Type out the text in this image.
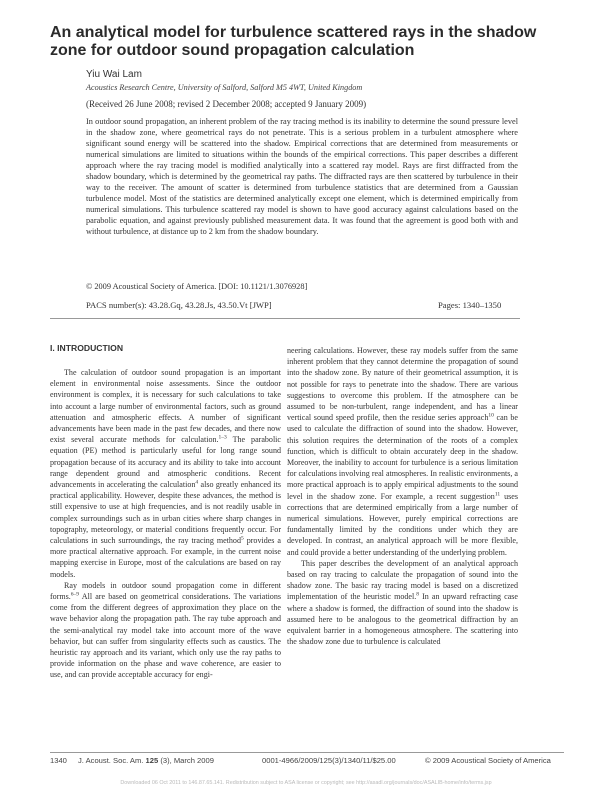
An analytical model for turbulence scattered rays in the shadow zone for outdoor sound propagation calculation
Yiu Wai Lam
Acoustics Research Centre, University of Salford, Salford M5 4WT, United Kingdom
(Received 26 June 2008; revised 2 December 2008; accepted 9 January 2009)

In outdoor sound propagation, an inherent problem of the ray tracing method is its inability to determine the sound pressure level in the shadow zone, where geometrical rays do not penetrate. This is a serious problem in a turbulent atmosphere where significant sound energy will be scattered into the shadow. Empirical corrections that are determined from measurements or numerical simulations are limited to situations within the bounds of the empirical corrections. This paper describes a different approach where the ray tracing model is modified analytically into a scattered ray model. Rays are first diffracted from the shadow boundary, which is determined by the geometrical ray paths. The diffracted rays are then scattered by turbulence in their way to the receiver. The amount of scatter is determined from turbulence statistics that are determined from a Gaussian turbulence model. Most of the statistics are determined analytically except one element, which is determined empirically from numerical simulations. This turbulence scattered ray model is shown to have good accuracy against calculations based on the parabolic equation, and against previously published measurement data. It was found that the agreement is good both with and without turbulence, at distance up to 2 km from the shadow boundary.

© 2009 Acoustical Society of America. [DOI: 10.1121/1.3076928]
PACS number(s): 43.28.Gq, 43.28.Js, 43.50.Vt [JWP]	Pages: 1340–1350
I. INTRODUCTION

The calculation of outdoor sound propagation is an important element in environmental noise assessments. Since the outdoor environment is complex, it is necessary for such calculations to take into account a large number of environmental factors, such as ground attenuation and atmospheric effects. A number of significant advancements have been made in the past few decades, and there now exist several accurate methods for calculation.$^{1-3}$ The parabolic equation (PE) method is particularly useful for long range sound propagation because of its accuracy and its ability to take into account range dependent ground and atmospheric conditions. Recent advancements in accelerating the calculation$^4$ also greatly enhanced its practical applicability. However, despite these advances, the method is still expensive to use at high frequencies, and is not readily usable in complex surroundings such as in urban cities where sharp changes in topography, meteorology, or material conditions frequently occur. For calculations in such surroundings, the ray tracing method$^5$ provides a more practical alternative approach. For example, in the current noise mapping exercise in Europe, most of the calculations are based on ray models.

Ray models in outdoor sound propagation come in different forms.$^{6-9}$ All are based on geometrical considerations. The variations come from the different degrees of approximation they place on the wave behavior along the propagation path. The ray tube approach and the semi-analytical ray model take into account more of the wave behavior, but can suffer from singularity effects such as caustics. The heuristic ray approach and its variant, which only use the ray paths to provide information on the phase and wave coherence, are easier to use, and can provide acceptable accuracy for engi-

neering calculations. However, these ray models suffer from the same inherent problem that they cannot determine the propagation of sound into the shadow zone. By nature of their geometrical assumption, it is not possible for rays to penetrate into the shadow. There are various suggestions to overcome this problem. If the atmosphere can be assumed to be non-turbulent, range independent, and has a linear vertical sound speed profile, then the residue series approach$^{10}$ can be used to calculate the diffraction of sound into the shadow. However, this solution requires the determination of the roots of a complex function, which is difficult to obtain accurately deep in the shadow. Moreover, the inability to account for turbulence is a serious limitation for calculations involving real atmospheres. In realistic environments, a more practical approach is to apply empirical adjustments to the sound level in the shadow zone. For example, a recent suggestion$^{11}$ uses corrections that are determined empirically from a large number of numerical simulations. However, purely empirical corrections are fundamentally limited by the conditions under which they are developed. In contrast, an analytical approach will be more flexible, and could provide a better understanding of the underlying problem.

This paper describes the development of an analytical approach based on ray tracing to calculate the propagation of sound into the shadow zone. The basic ray tracing model is based on a discretized implementation of the heuristic model.$^8$ In an upward refracting case where a shadow is formed, the diffraction of sound into the shadow is assumed here to be analogous to the geometrical diffraction by an equivalent barrier in a homogeneous atmosphere. The scattering into the shadow zone due to turbulence is calculated

1340 J. Acoust. Soc. Am. 125 (3), March 2009	0001-4966/2009/125(3)/1340/11/$25.00	© 2009 Acoustical Society of America
Downloaded 06 Oct 2011 to 146.87.65.141. Redistribution subject to ASA license or copyright; see http://asadl.org/journals/doc/ASALIB-home/info/terms.jsp
